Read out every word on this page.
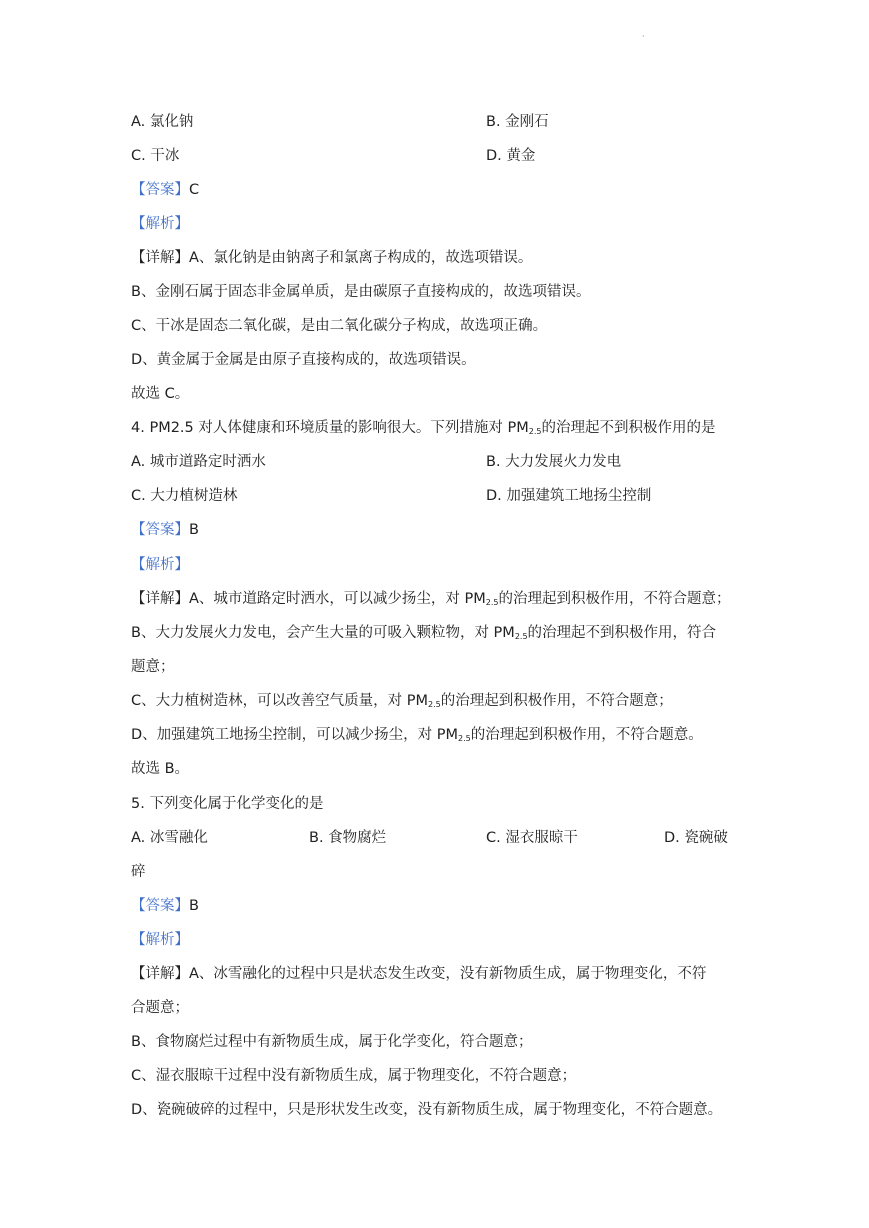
·
A. 氯化钠	B. 金刚石
C. 干冰	D. 黄金
【答案】C
【解析】
【详解】A、氯化钠是由钠离子和氯离子构成的，故选项错误。
B、金刚石属于固态非金属单质，是由碳原子直接构成的，故选项错误。
C、干冰是固态二氧化碳，是由二氧化碳分子构成，故选项正确。
D、黄金属于金属是由原子直接构成的，故选项错误。
故选 C。
4. PM2.5 对人体健康和环境质量的影响很大。下列措施对 $PM_{2.5}$的治理起不到积极作用的是
A. 城市道路定时洒水	B. 大力发展火力发电
C. 大力植树造林	D. 加强建筑工地扬尘控制
【答案】B
【解析】
【详解】A、城市道路定时洒水，可以减少扬尘，对 $PM_{2.5}$的治理起到积极作用，不符合题意；
B、大力发展火力发电，会产生大量的可吸入颗粒物，对 $PM_{2.5}$的治理起不到积极作用，符合
题意；
C、大力植树造林，可以改善空气质量，对 $PM_{2.5}$的治理起到积极作用，不符合题意；
D、加强建筑工地扬尘控制，可以减少扬尘，对 $PM_{2.5}$的治理起到积极作用，不符合题意。
故选 B。
5. 下列变化属于化学变化的是
A. 冰雪融化	B. 食物腐烂	C. 湿衣服晾干	D. 瓷碗破
碎
【答案】B
【解析】
【详解】A、冰雪融化的过程中只是状态发生改变，没有新物质生成，属于物理变化，不符
合题意；
B、食物腐烂过程中有新物质生成，属于化学变化，符合题意；
C、湿衣服晾干过程中没有新物质生成，属于物理变化，不符合题意；
D、瓷碗破碎的过程中，只是形状发生改变，没有新物质生成，属于物理变化，不符合题意。
